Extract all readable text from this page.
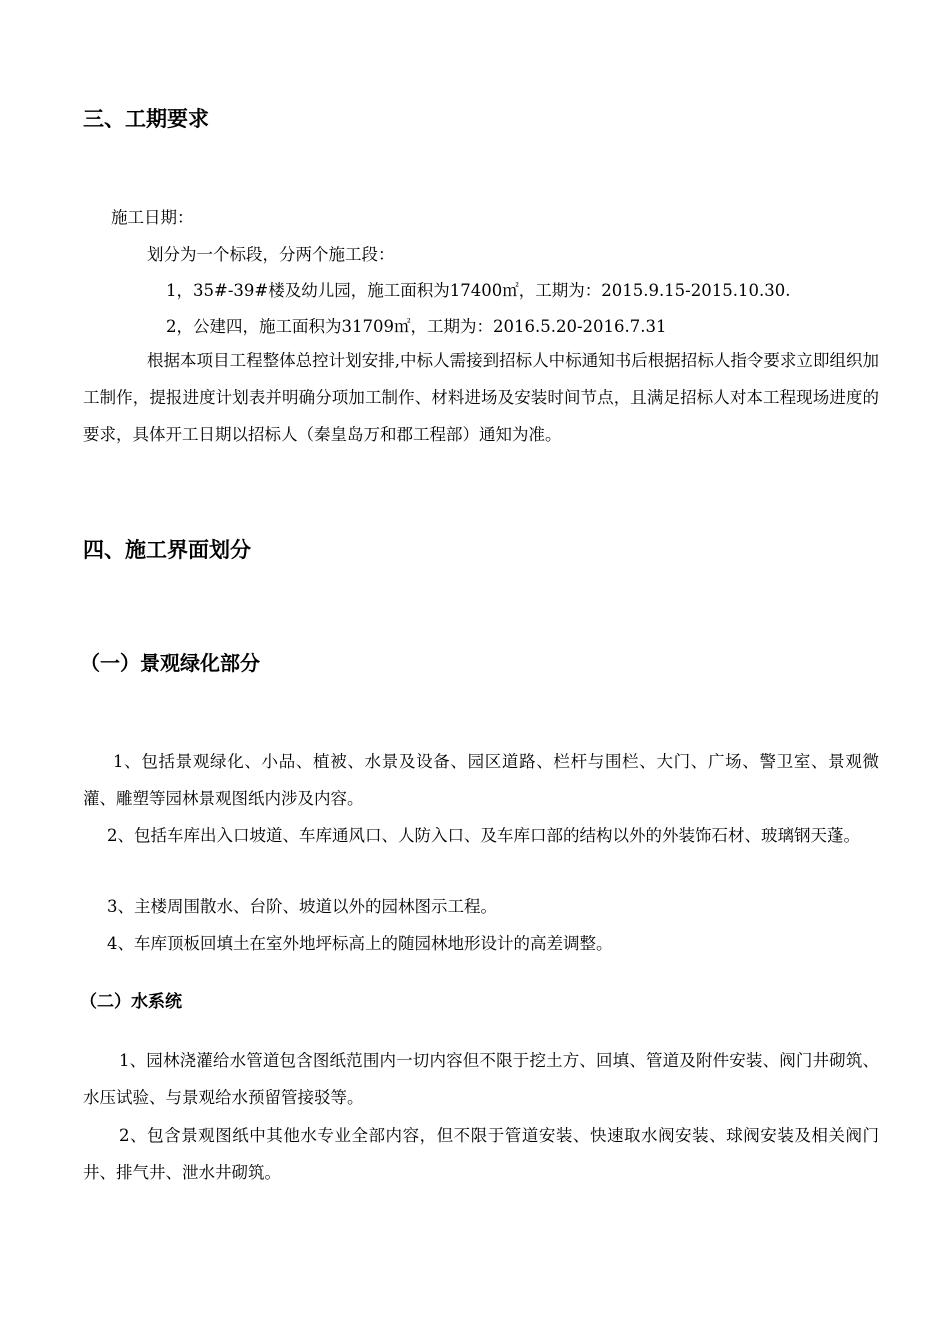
三、工期要求
施工日期：
划分为一个标段，分两个施工段：
1，35#-39#楼及幼儿园，施工面积为17400㎡，工期为：2015.9.15-2015.10.30.
2，公建四，施工面积为31709㎡，工期为：2016.5.20-2016.7.31

根据本项目工程整体总控计划安排,中标人需接到招标人中标通知书后根据招标人指令要求立即组织加工制作，提报进度计划表并明确分项加工制作、材料进场及安装时间节点，且满足招标人对本工程现场进度的要求，具体开工日期以招标人（秦皇岛万和郡工程部）通知为准。

四、施工界面划分
（一）景观绿化部分

1、包括景观绿化、小品、植被、水景及设备、园区道路、栏杆与围栏、大门、广场、警卫室、景观微灌、雕塑等园林景观图纸内涉及内容。

2、包括车库出入口坡道、车库通风口、人防入口、及车库口部的结构以外的外装饰石材、玻璃钢天蓬。

3、主楼周围散水、台阶、坡道以外的园林图示工程。
4、车库顶板回填土在室外地坪标高上的随园林地形设计的高差调整。
（二）水系统

1、园林浇灌给水管道包含图纸范围内一切内容但不限于挖土方、回填、管道及附件安装、阀门井砌筑、水压试验、与景观给水预留管接驳等。

2、包含景观图纸中其他水专业全部内容，但不限于管道安装、快速取水阀安装、球阀安装及相关阀门井、排气井、泄水井砌筑。
